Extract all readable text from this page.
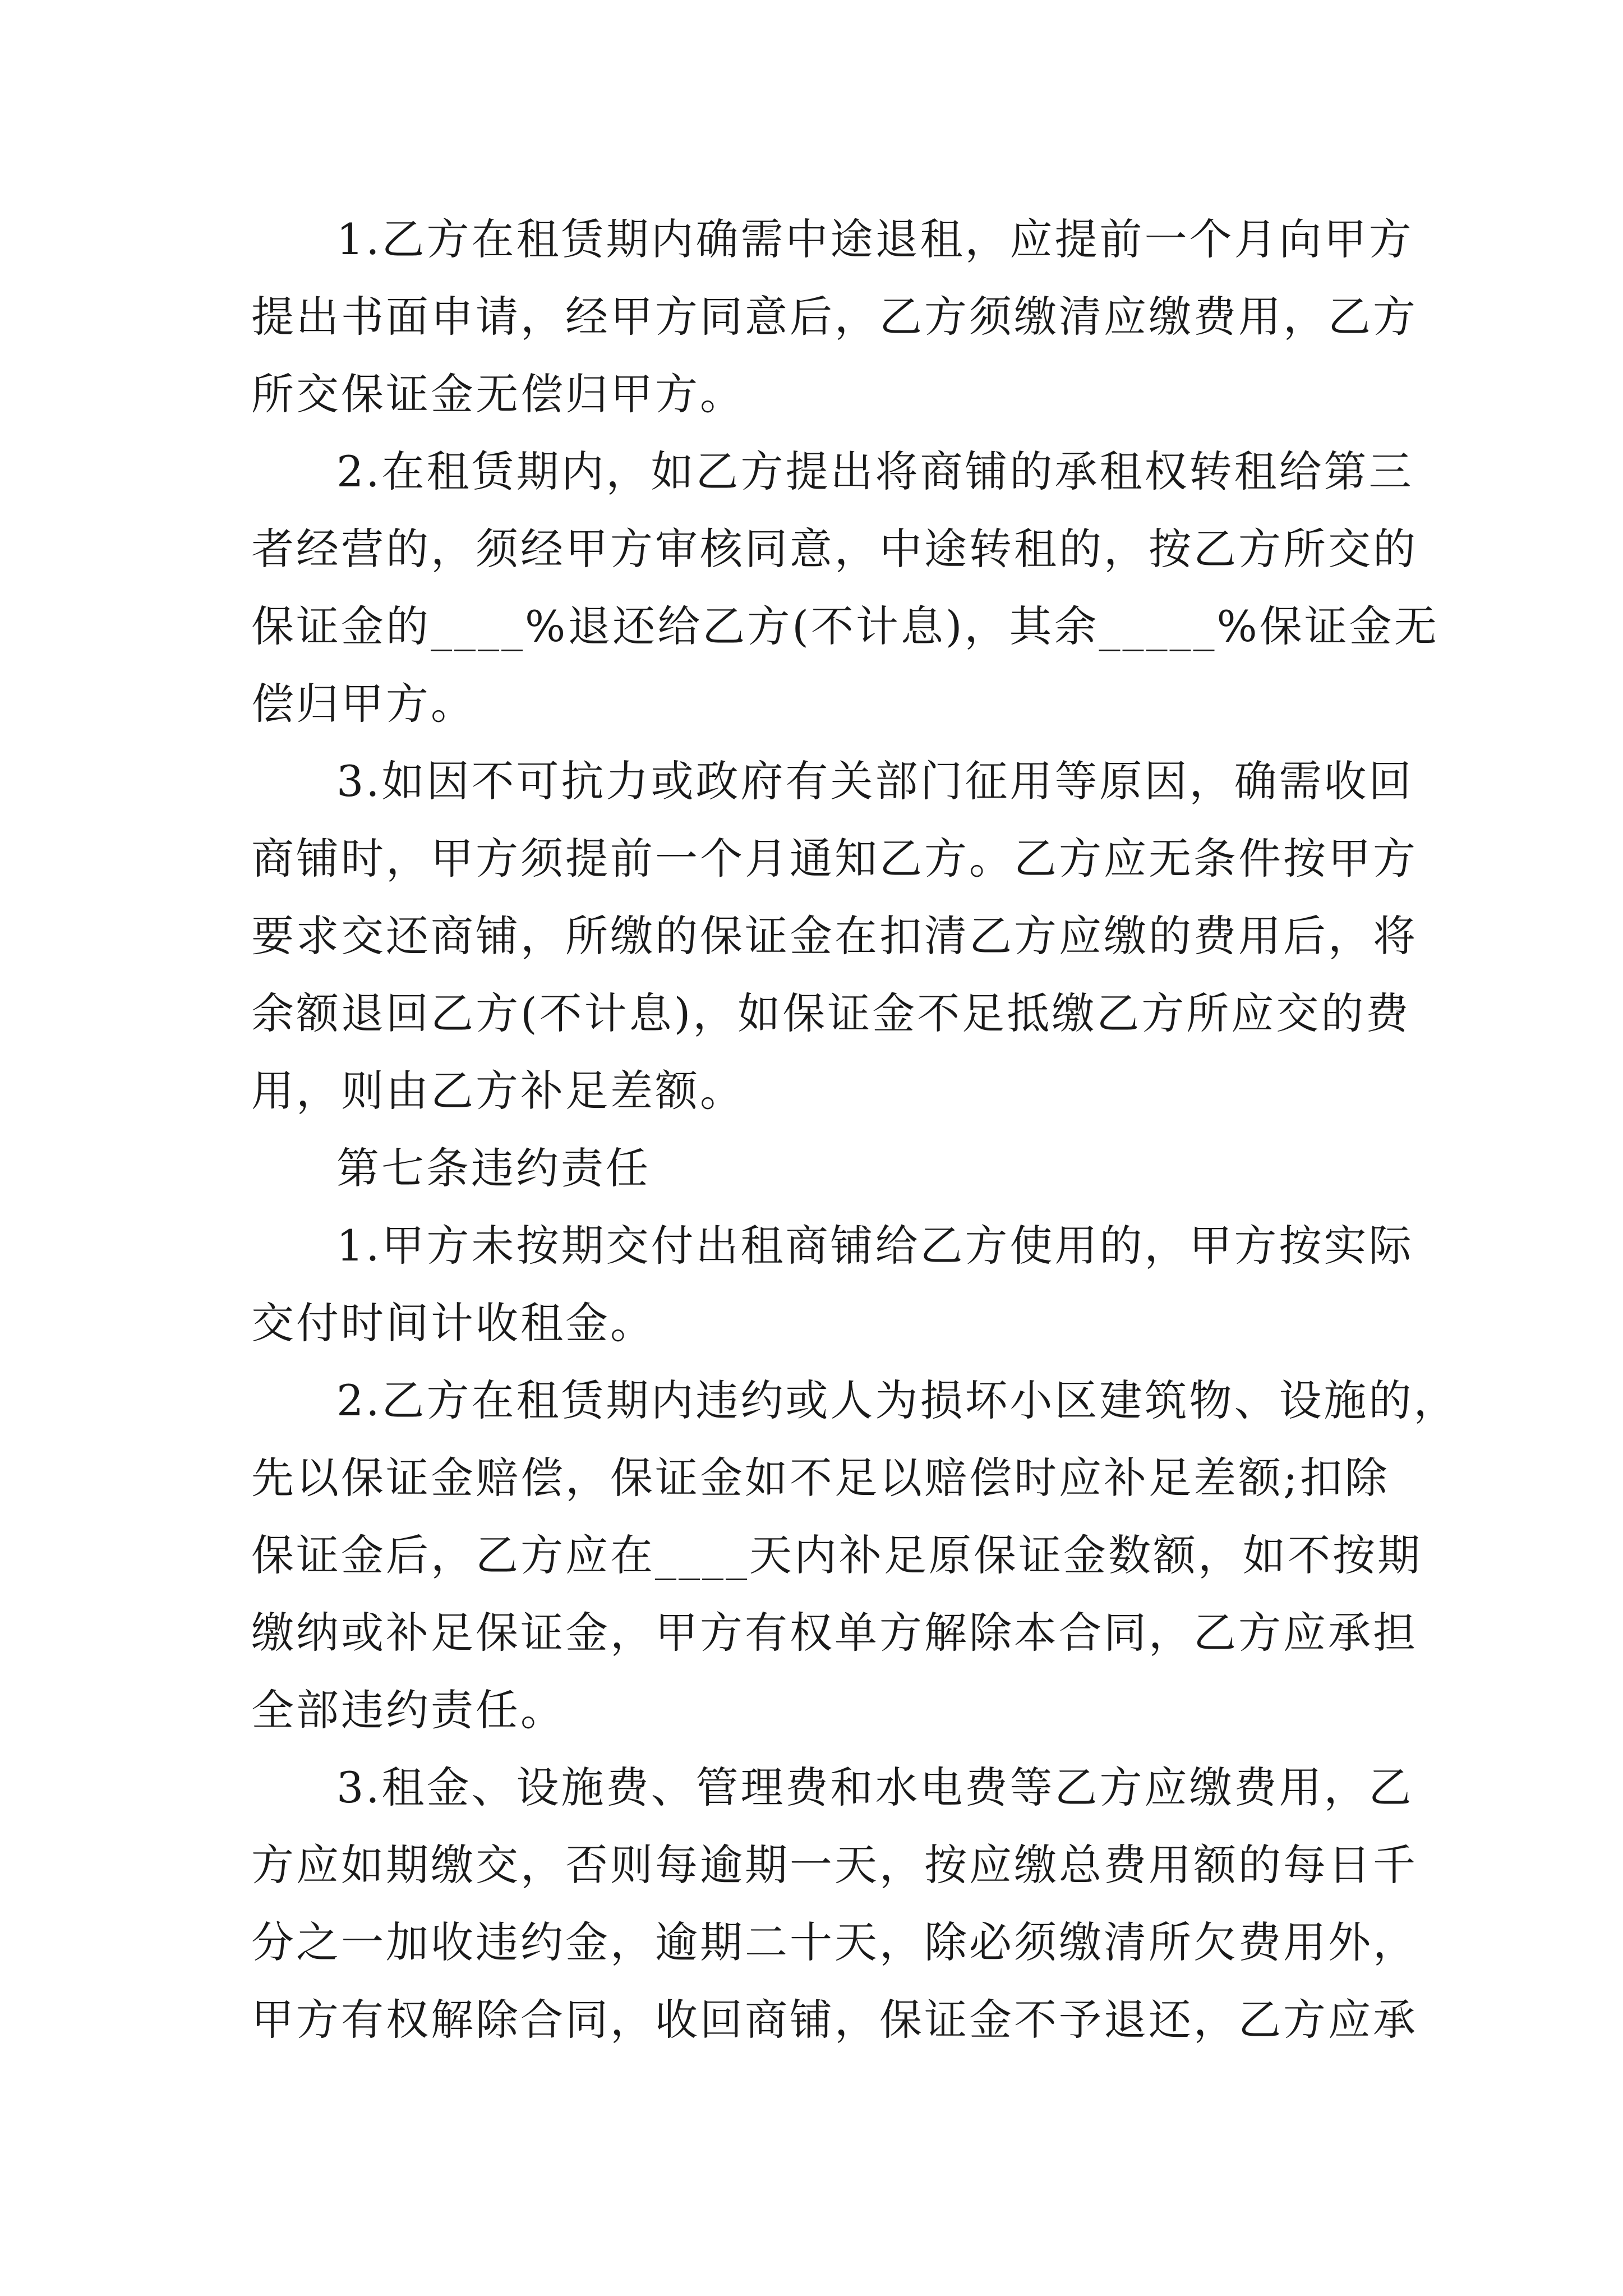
1.乙方在租赁期内确需中途退租，应提前一个月向甲方
提出书面申请，经甲方同意后，乙方须缴清应缴费用，乙方
所交保证金无偿归甲方。
2.在租赁期内，如乙方提出将商铺的承租权转租给第三
者经营的，须经甲方审核同意，中途转租的，按乙方所交的
保证金的____%退还给乙方(不计息)，其余_____%保证金无
偿归甲方。
3.如因不可抗力或政府有关部门征用等原因，确需收回
商铺时，甲方须提前一个月通知乙方。乙方应无条件按甲方
要求交还商铺，所缴的保证金在扣清乙方应缴的费用后，将
余额退回乙方(不计息)，如保证金不足抵缴乙方所应交的费
用，则由乙方补足差额。
第七条违约责任
1.甲方未按期交付出租商铺给乙方使用的，甲方按实际
交付时间计收租金。
2.乙方在租赁期内违约或人为损坏小区建筑物、设施的，
先以保证金赔偿，保证金如不足以赔偿时应补足差额;扣除
保证金后，乙方应在____天内补足原保证金数额，如不按期
缴纳或补足保证金，甲方有权单方解除本合同，乙方应承担
全部违约责任。
3.租金、设施费、管理费和水电费等乙方应缴费用，乙
方应如期缴交，否则每逾期一天，按应缴总费用额的每日千
分之一加收违约金，逾期二十天，除必须缴清所欠费用外，
甲方有权解除合同，收回商铺，保证金不予退还，乙方应承
